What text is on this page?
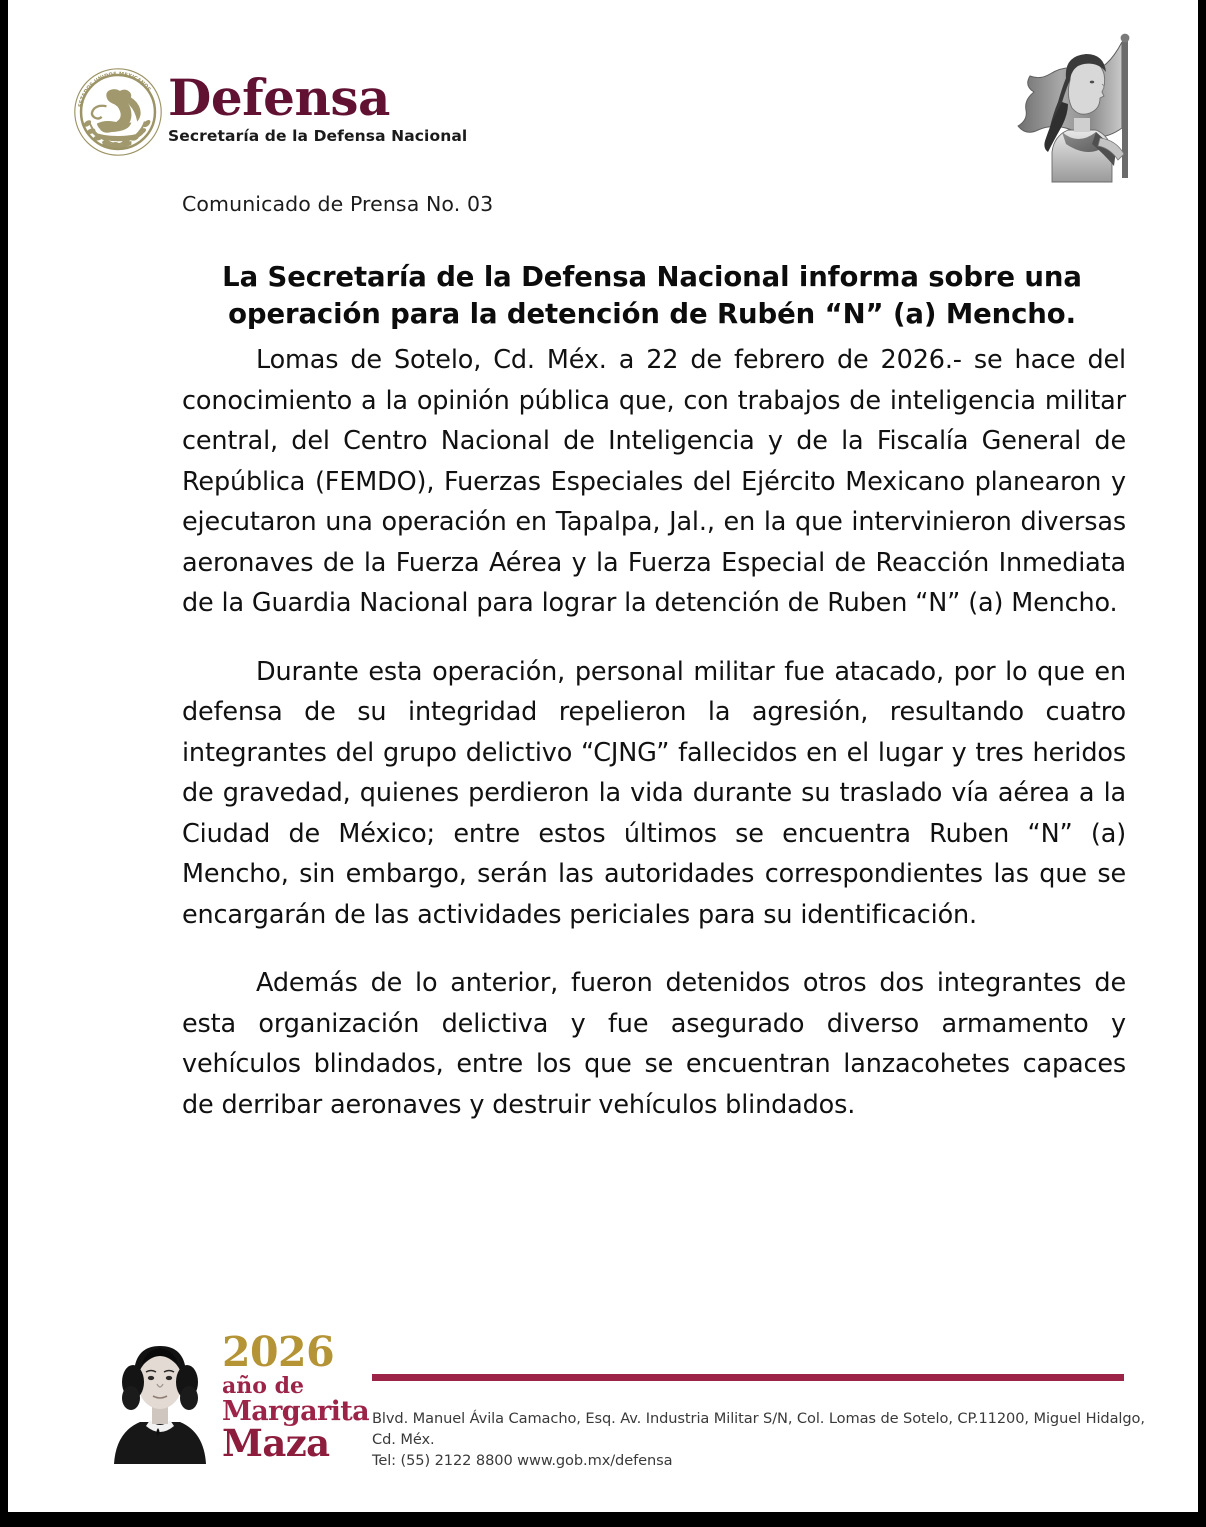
ESTADOS UNIDOS MEXICANOS Defensa
Secretaría de la Defensa Nacional
Comunicado de Prensa No. 03
La Secretaría de la Defensa Nacional informa sobre una operación para la detención de Rubén “N” (a) Mencho.

Lomas de Sotelo, Cd. Méx. a 22 de febrero de 2026.- se hace del conocimiento a la opinión pública que, con trabajos de inteligencia militar central, del Centro Nacional de Inteligencia y de la Fiscalía General de República (FEMDO), Fuerzas Especiales del Ejército Mexicano planearon y ejecutaron una operación en Tapalpa, Jal., en la que intervinieron diversas aeronaves de la Fuerza Aérea y la Fuerza Especial de Reacción Inmediata de la Guardia Nacional para lograr la detención de Ruben “N” (a) Mencho.

Durante esta operación, personal militar fue atacado, por lo que en defensa de su integridad repelieron la agresión, resultando cuatro integrantes del grupo delictivo “CJNG” fallecidos en el lugar y tres heridos de gravedad, quienes perdieron la vida durante su traslado vía aérea a la Ciudad de México; entre estos últimos se encuentra Ruben “N” (a) Mencho, sin embargo, serán las autoridades correspondientes las que se encargarán de las actividades periciales para su identificación.

Además de lo anterior, fueron detenidos otros dos integrantes de esta organización delictiva y fue asegurado diverso armamento y vehículos blindados, entre los que se encuentran lanzacohetes capaces de derribar aeronaves y destruir vehículos blindados.

2026
año de
Margarita
Maza
Blvd. Manuel Ávila Camacho, Esq. Av. Industria Militar S/N, Col. Lomas de Sotelo, CP.11200, Miguel Hidalgo, Cd. Méx.
Tel: (55) 2122 8800 www.gob.mx/defensa
